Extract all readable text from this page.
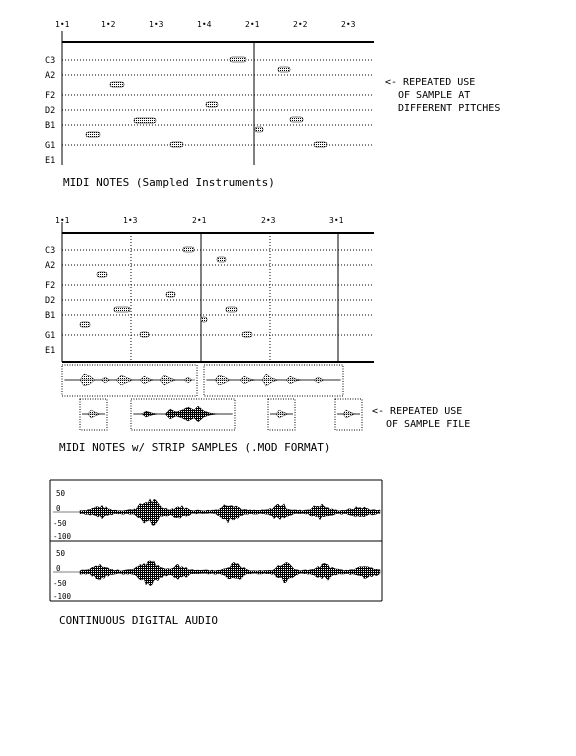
1•1	1•2	1•3	1•4	2•1	2•2	2•3
C3
A2
F2
D2
B1
G1
E1
<- REPEATED USE
OF SAMPLE AT
DIFFERENT PITCHES
MIDI NOTES (Sampled Instruments)
1•1	1•3	2•1	2•3	3•1
C3
A2
F2
D2
B1
G1
E1
<- REPEATED USE
OF SAMPLE FILE
MIDI NOTES w/ STRIP SAMPLES (.MOD FORMAT)
50
0
-50
-100
50
0
-50
-100
CONTINUOUS DIGITAL AUDIO
